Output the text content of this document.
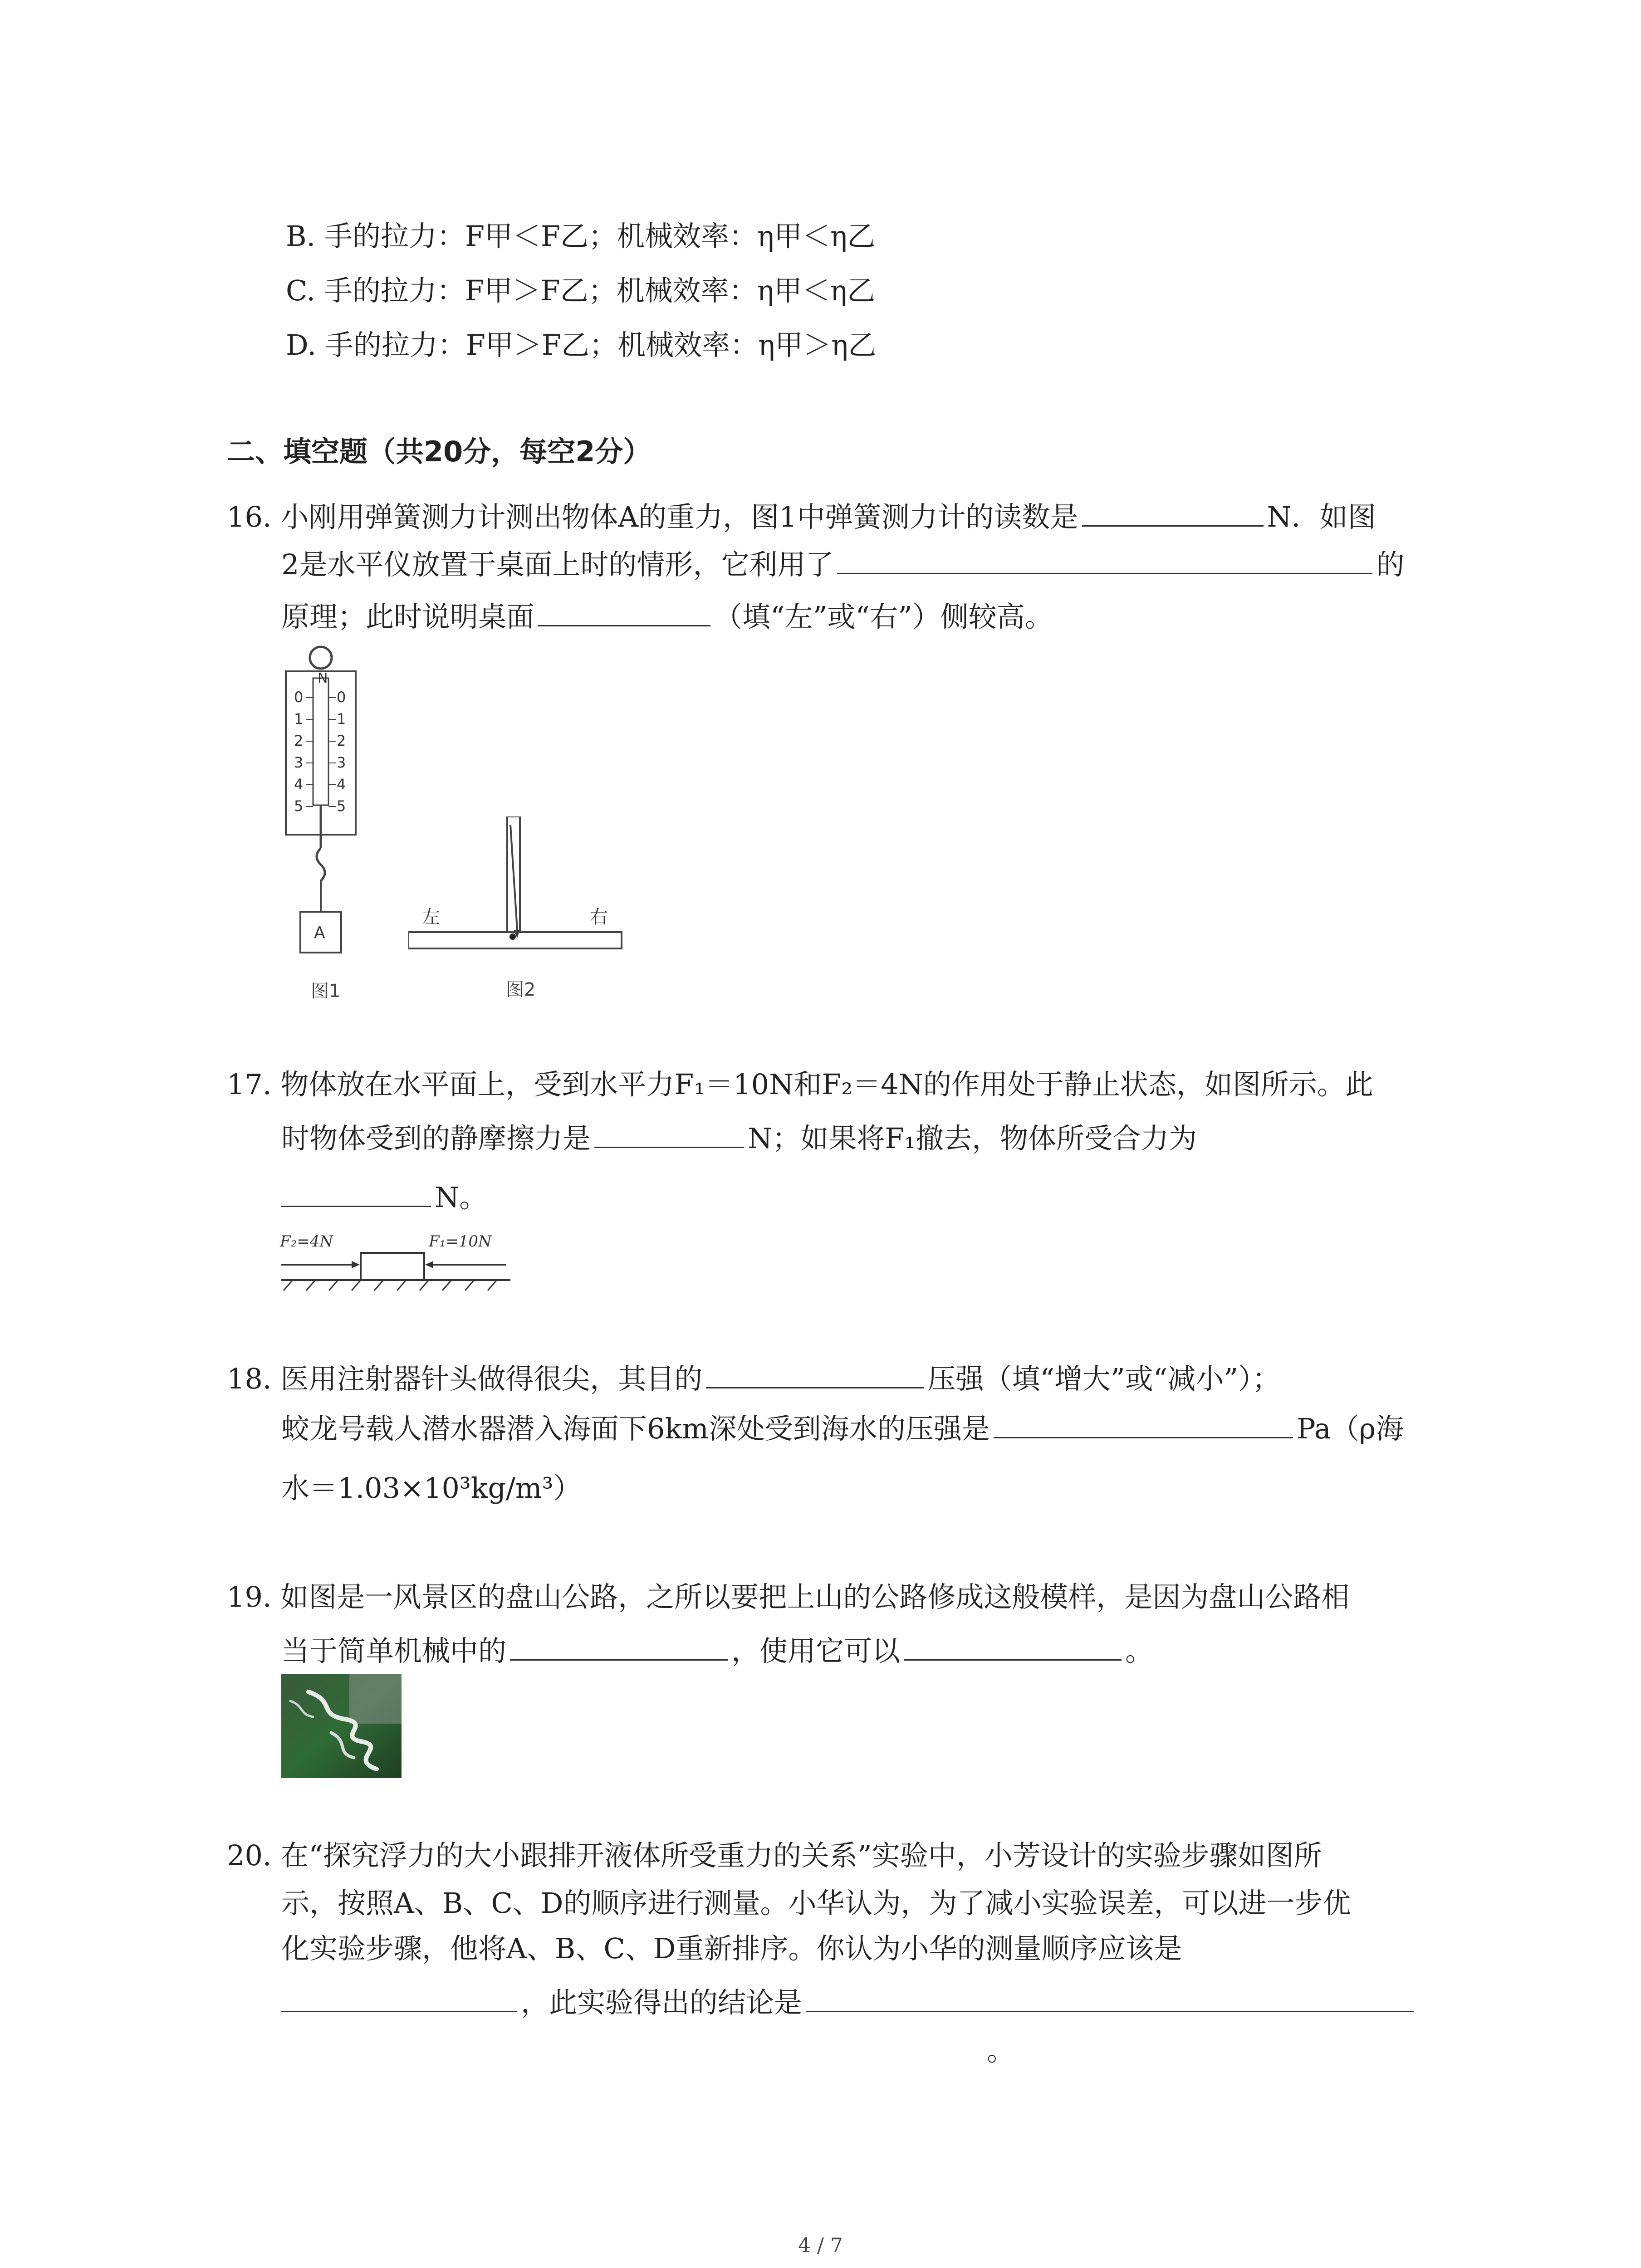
B. 手的拉力：F甲＜F乙；机械效率：η甲＜η乙
C. 手的拉力：F甲＞F乙；机械效率：η甲＜η乙
D. 手的拉力：F甲＞F乙；机械效率：η甲＞η乙
二、填空题（共20分，每空2分）
16. 小刚用弹簧测力计测出物体A的重力，图1中弹簧测力计的读数是	N．如图
2是水平仪放置于桌面上时的情形，它利用了	的
原理；此时说明桌面	（填“左”或“右”）侧较高。
N
0
1
2
3
4
5
0
1
2
3
4
5
A
图1
左	右
图2
17. 物体放在水平面上，受到水平力F₁＝10N和F₂＝4N的作用处于静止状态，如图所示。此
时物体受到的静摩擦力是	N；如果将F₁撤去，物体所受合力为
N。
F₂=4N	F₁=10N
18. 医用注射器针头做得很尖，其目的	压强（填“增大”或“减小”）；
蛟龙号载人潜水器潜入海面下6km深处受到海水的压强是	Pa（ρ海
水＝1.03×10³kg/m³）
19. 如图是一风景区的盘山公路，之所以要把上山的公路修成这般模样，是因为盘山公路相
当于简单机械中的	，使用它可以	。
20. 在“探究浮力的大小跟排开液体所受重力的关系”实验中，小芳设计的实验步骤如图所
示，按照A、B、C、D的顺序进行测量。小华认为，为了减小实验误差，可以进一步优
化实验步骤，他将A、B、C、D重新排序。你认为小华的测量顺序应该是
，此实验得出的结论是
。
4 / 7
